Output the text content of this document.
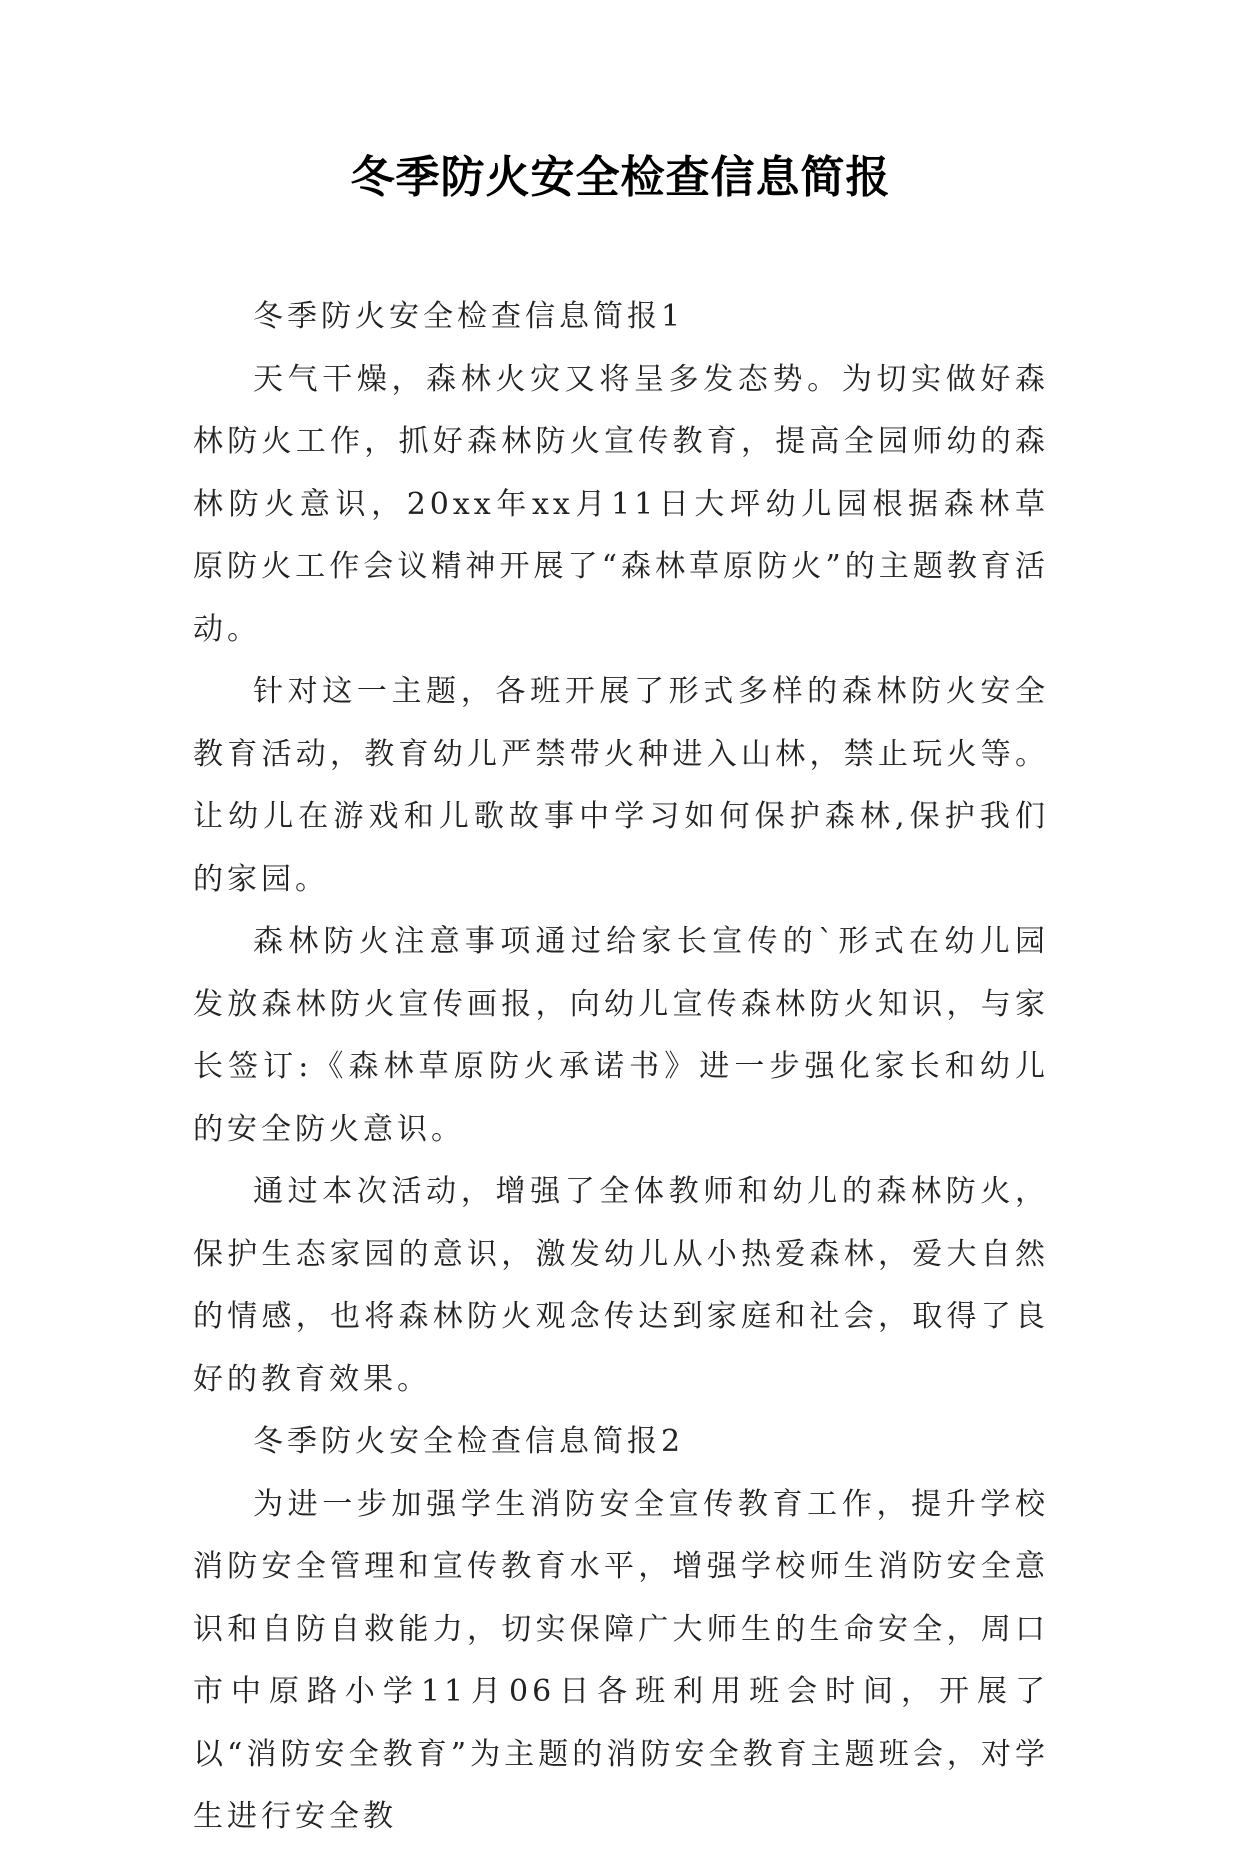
冬季防火安全检查信息简报

冬季防火安全检查信息简报1

天气干燥，森林火灾又将呈多发态势。为切实做好森林防火工作，抓好森林防火宣传教育，提高全园师幼的森林防火意识，20xx年xx月11日大坪幼儿园根据森林草原防火工作会议精神开展了“森林草原防火”的主题教育活动。

针对这一主题，各班开展了形式多样的森林防火安全教育活动，教育幼儿严禁带火种进入山林，禁止玩火等。让幼儿在游戏和儿歌故事中学习如何保护森林,保护我们的家园。

森林防火注意事项通过给家长宣传的`形式在幼儿园发放森林防火宣传画报，向幼儿宣传森林防火知识，与家长签订:《森林草原防火承诺书》进一步强化家长和幼儿的安全防火意识。

通过本次活动，增强了全体教师和幼儿的森林防火，保护生态家园的意识，激发幼儿从小热爱森林，爱大自然的情感，也将森林防火观念传达到家庭和社会，取得了良好的教育效果。

冬季防火安全检查信息简报2

为进一步加强学生消防安全宣传教育工作，提升学校消防安全管理和宣传教育水平，增强学校师生消防安全意识和自防自救能力，切实保障广大师生的生命安全，周口市中原路小学11月06日各班利用班会时间，开展了以“消防安全教育”为主题的消防安全教育主题班会，对学生进行安全教
